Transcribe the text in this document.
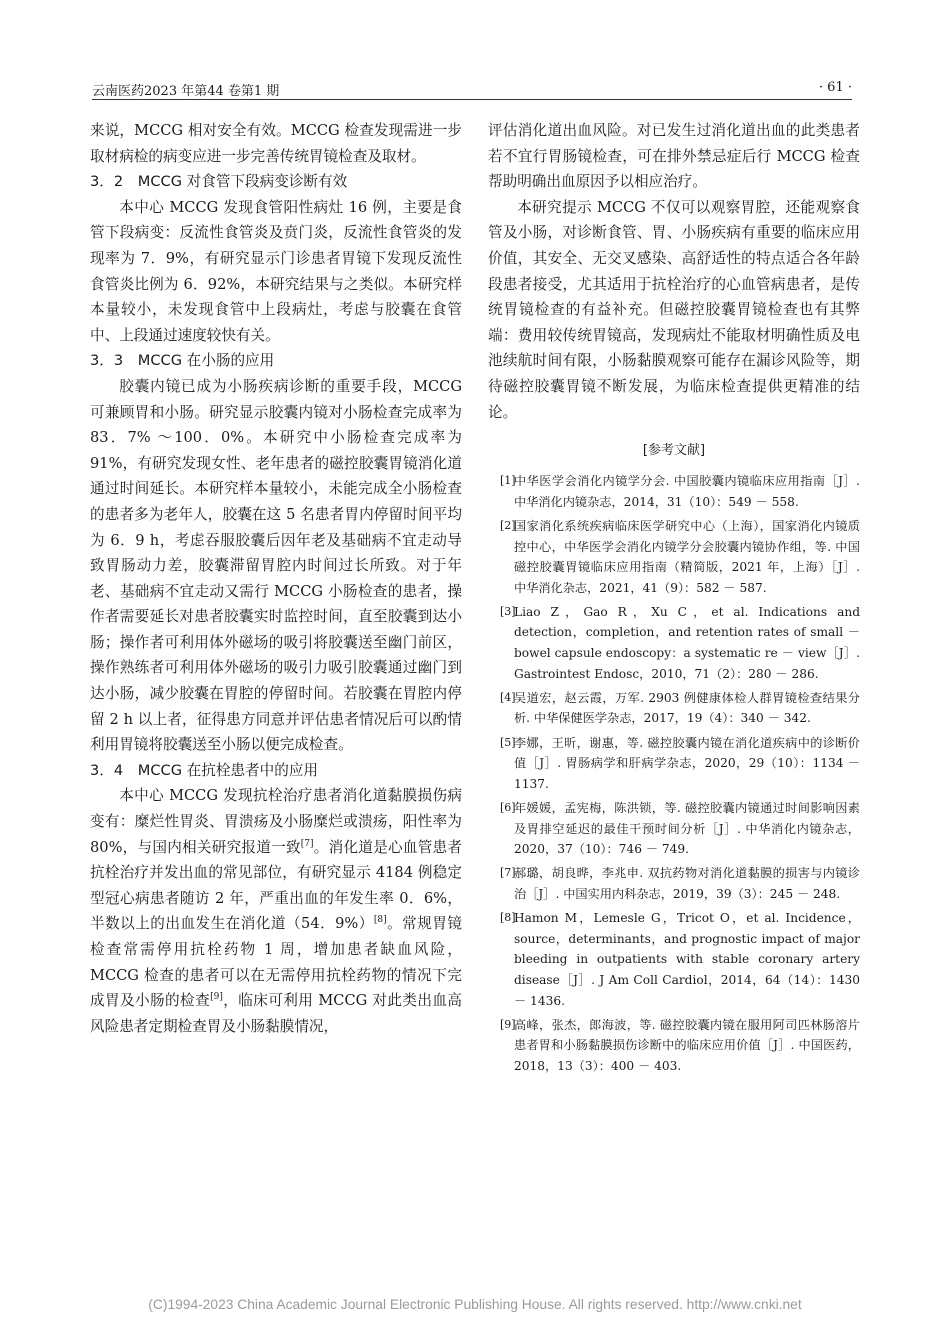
云南医药2023 年第44 卷第1 期	· 61 ·

来说，MCCG 相对安全有效。MCCG 检查发现需进一步取材病检的病变应进一步完善传统胃镜检查及取材。

3．2　MCCG 对食管下段病变诊断有效

本中心 MCCG 发现食管阳性病灶 16 例，主要是食管下段病变：反流性食管炎及贲门炎，反流性食管炎的发现率为 7．9%，有研究显示门诊患者胃镜下发现反流性食管炎比例为 6．92%，本研究结果与之类似。本研究样本量较小，未发现食管中上段病灶，考虑与胶囊在食管中、上段通过速度较快有关。

3．3　MCCG 在小肠的应用

胶囊内镜已成为小肠疾病诊断的重要手段，MCCG 可兼顾胃和小肠。研究显示胶囊内镜对小肠检查完成率为 83．7% ～100．0%。本研究中小肠检查完成率为91%，有研究发现女性、老年患者的磁控胶囊胃镜消化道通过时间延长。本研究样本量较小，未能完成全小肠检查的患者多为老年人，胶囊在这 5 名患者胃内停留时间平均为 6．9 h，考虑吞服胶囊后因年老及基础病不宜走动导致胃肠动力差，胶囊滞留胃腔内时间过长所致。对于年老、基础病不宜走动又需行 MCCG 小肠检查的患者，操作者需要延长对患者胶囊实时监控时间，直至胶囊到达小肠；操作者可利用体外磁场的吸引将胶囊送至幽门前区，操作熟练者可利用体外磁场的吸引力吸引胶囊通过幽门到达小肠，减少胶囊在胃腔的停留时间。若胶囊在胃腔内停留 2 h 以上者，征得患方同意并评估患者情况后可以酌情利用胃镜将胶囊送至小肠以便完成检查。

3．4　MCCG 在抗栓患者中的应用

本中心 MCCG 发现抗栓治疗患者消化道黏膜损伤病变有：糜烂性胃炎、胃溃疡及小肠糜烂或溃疡，阳性率为 80%，与国内相关研究报道一致[7]。消化道是心血管患者抗栓治疗并发出血的常见部位，有研究显示 4184 例稳定型冠心病患者随访 2 年，严重出血的年发生率 0．6%，半数以上的出血发生在消化道（54．9%）[8]。常规胃镜检查常需停用抗栓药物 1 周，增加患者缺血风险，MCCG 检查的患者可以在无需停用抗栓药物的情况下完成胃及小肠的检查[9]，临床可利用 MCCG 对此类出血高风险患者定期检查胃及小肠黏膜情况，

评估消化道出血风险。对已发生过消化道出血的此类患者若不宜行胃肠镜检查，可在排外禁忌症后行 MCCG 检查帮助明确出血原因予以相应治疗。

本研究提示 MCCG 不仅可以观察胃腔，还能观察食管及小肠，对诊断食管、胃、小肠疾病有重要的临床应用价值，其安全、无交叉感染、高舒适性的特点适合各年龄段患者接受，尤其适用于抗栓治疗的心血管病患者，是传统胃镜检查的有益补充。但磁控胶囊胃镜检查也有其弊端：费用较传统胃镜高，发现病灶不能取材明确性质及电池续航时间有限，小肠黏膜观察可能存在漏诊风险等，期待磁控胶囊胃镜不断发展，为临床检查提供更精准的结论。

[参考文献]
[1]
中华医学会消化内镜学分会. 中国胶囊内镜临床应用指南［J］. 中华消化内镜杂志，2014，31（10）：549 － 558.
[2]
国家消化系统疾病临床医学研究中心（上海），国家消化内镜质控中心，中华医学会消化内镜学分会胶囊内镜协作组，等. 中国磁控胶囊胃镜临床应用指南（精简版，2021 年，上海）［J］. 中华消化杂志，2021，41（9）：582 － 587.
[3]
Liao Z，Gao R，Xu C，et al. Indications and detection，completion，and retention rates of small － bowel capsule endoscopy：a systematic re － view［J］. Gastrointest Endosc，2010，71（2）：280 － 286.
[4]
吴道宏，赵云霞，万军. 2903 例健康体检人群胃镜检查结果分析. 中华保健医学杂志，2017，19（4）：340 － 342.
[5]
李娜，王昕，谢惠，等. 磁控胶囊内镜在消化道疾病中的诊断价值［J］. 胃肠病学和肝病学杂志，2020，29（10）：1134 － 1137.
[6]
年媛媛，孟宪梅，陈洪锁，等. 磁控胶囊内镜通过时间影响因素及胃排空延迟的最佳干预时间分析［J］. 中华消化内镜杂志，2020，37（10）：746 － 749.
[7]
郝璐，胡良晔，李兆申. 双抗药物对消化道黏膜的损害与内镜诊治［J］. 中国实用内科杂志，2019，39（3）：245 － 248.
[8]
Hamon M，Lemesle G，Tricot O，et al. Incidence，source，determinants，and prognostic impact of major bleeding in outpatients with stable coronary artery disease［J］. J Am Coll Cardiol，2014，64（14）：1430 － 1436.
[9]
高峰，张杰，郎海波，等. 磁控胶囊内镜在服用阿司匹林肠溶片患者胃和小肠黏膜损伤诊断中的临床应用价值［J］. 中国医药，2018，13（3）：400 － 403.
(C)1994-2023 China Academic Journal Electronic Publishing House. All rights reserved. http://www.cnki.net
